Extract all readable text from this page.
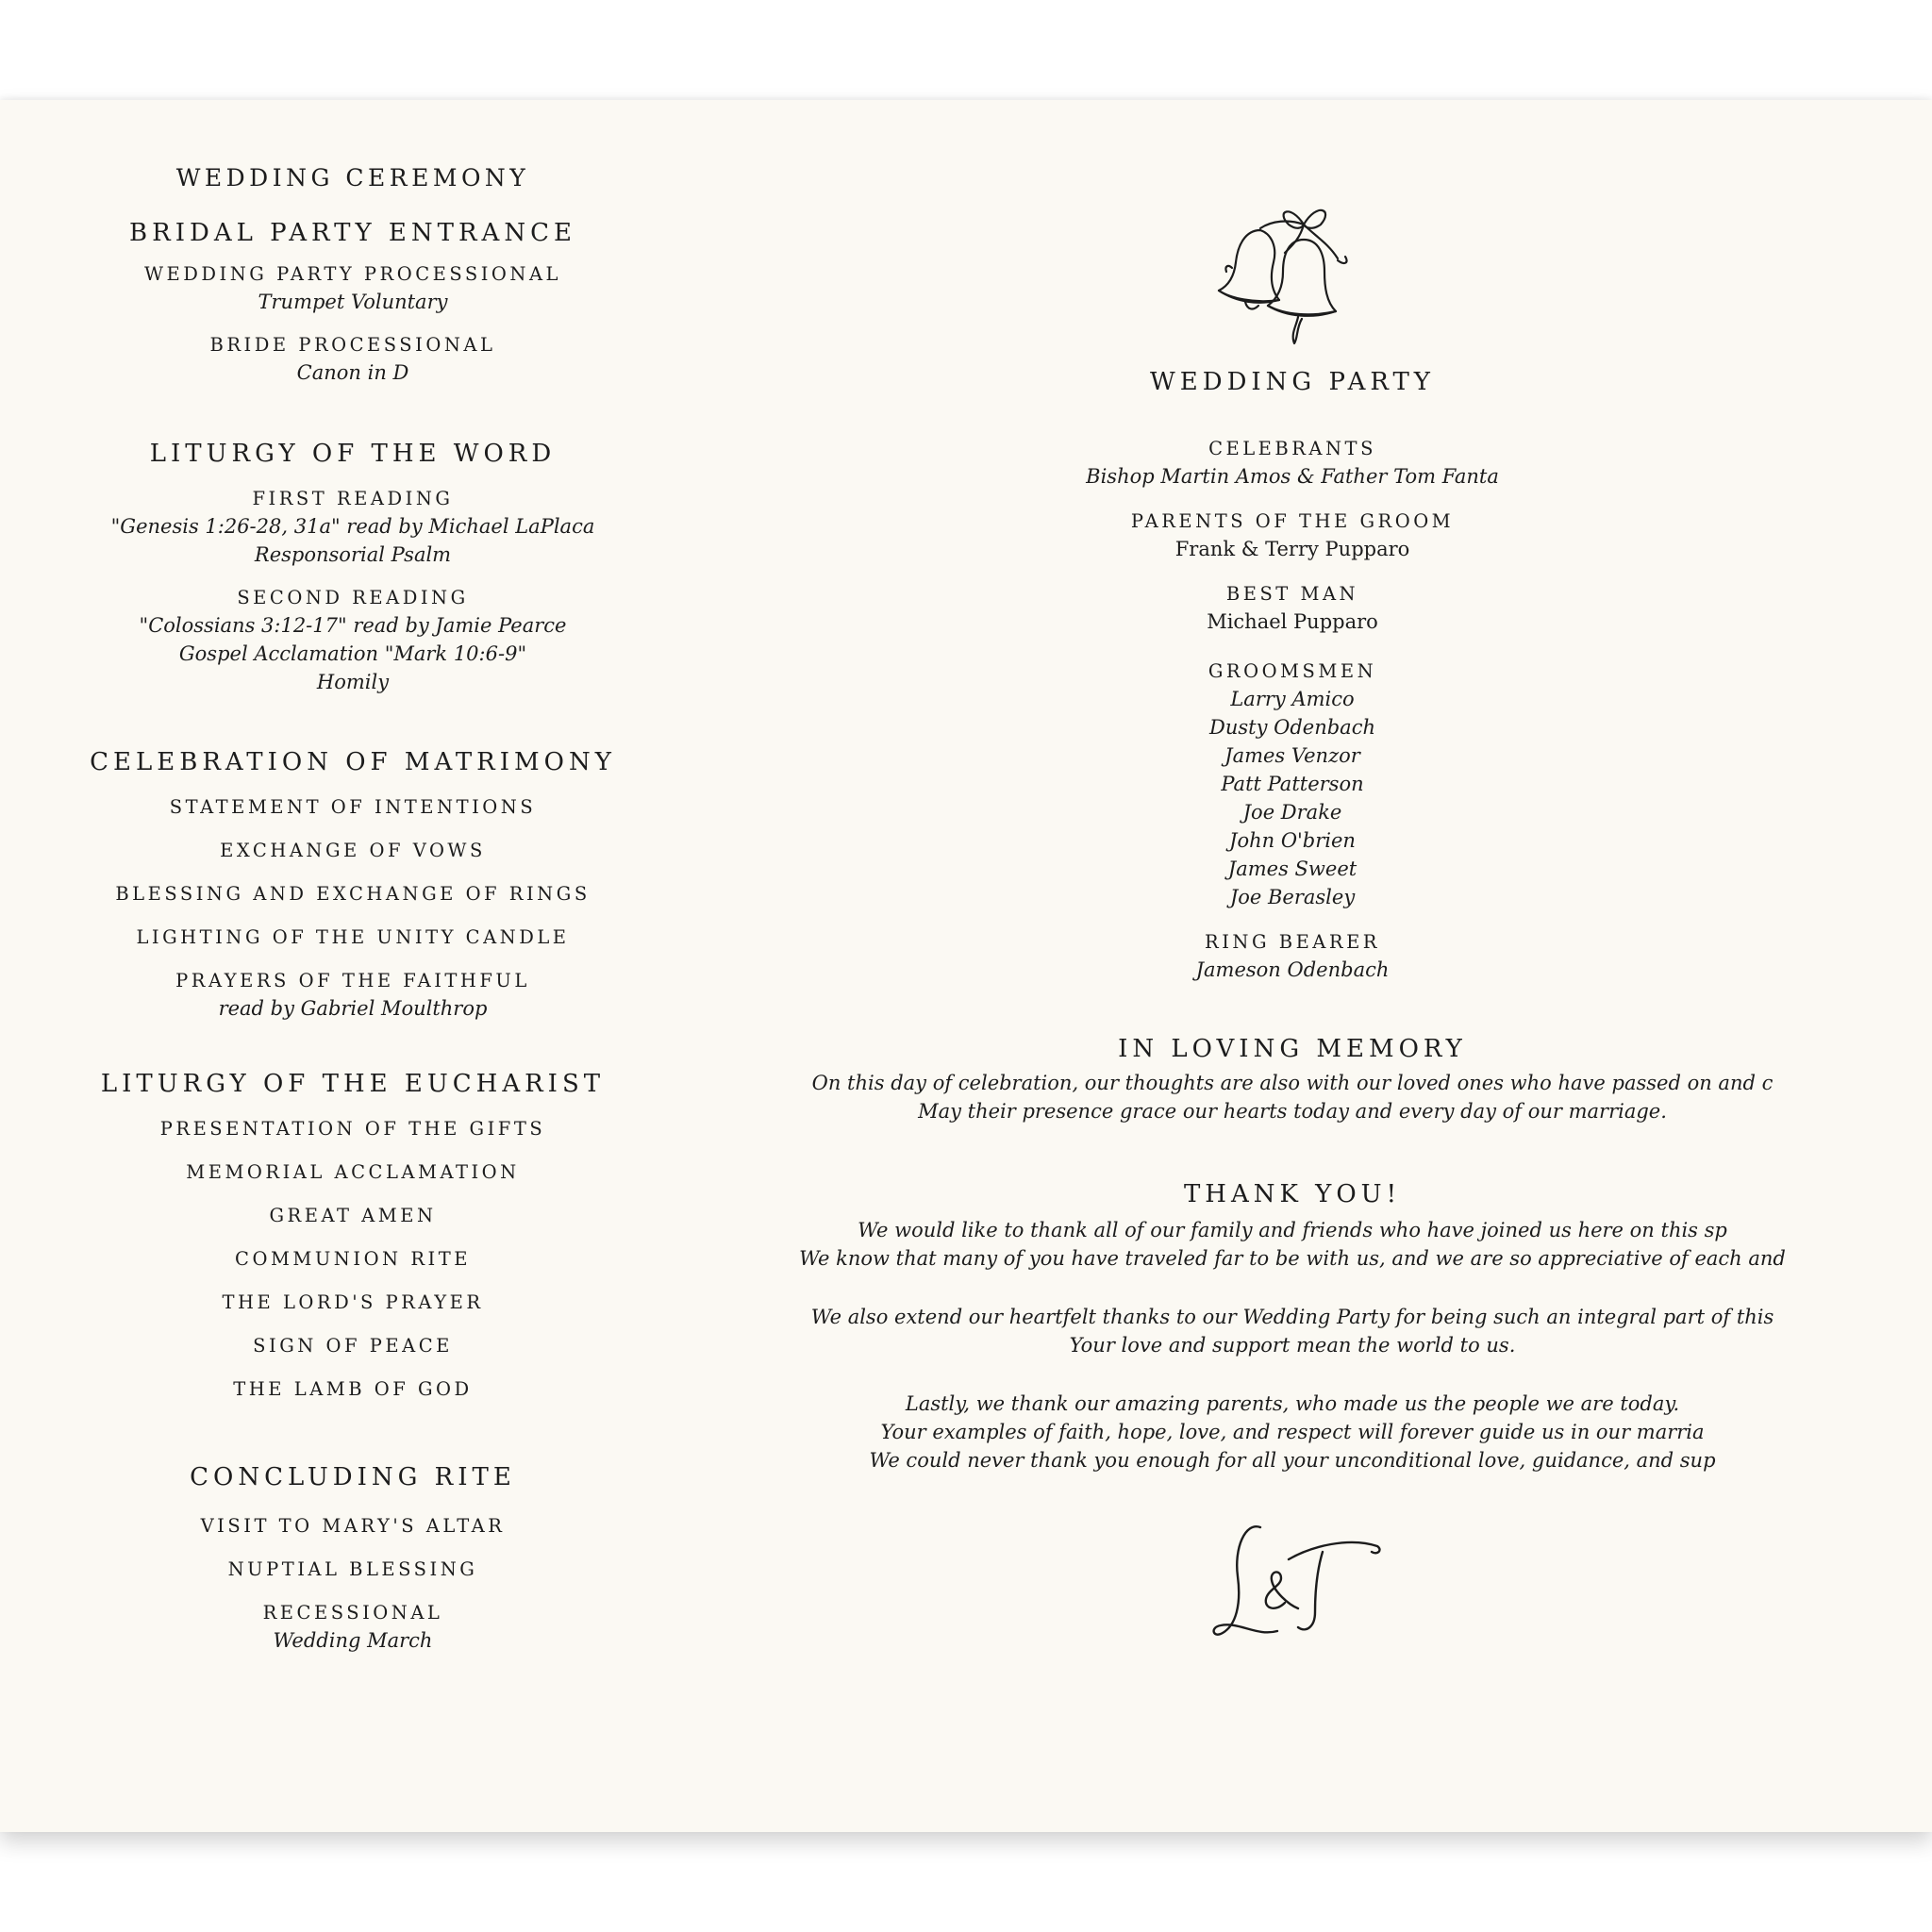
WEDDING CEREMONY
BRIDAL PARTY ENTRANCE
WEDDING PARTY PROCESSIONAL
Trumpet Voluntary
BRIDE PROCESSIONAL
Canon in D
LITURGY OF THE WORD
FIRST READING
"Genesis 1:26-28, 31a" read by Michael LaPlaca
Responsorial Psalm
SECOND READING
"Colossians 3:12-17" read by Jamie Pearce
Gospel Acclamation "Mark 10:6-9"
Homily
CELEBRATION OF MATRIMONY
STATEMENT OF INTENTIONS
EXCHANGE OF VOWS
BLESSING AND EXCHANGE OF RINGS
LIGHTING OF THE UNITY CANDLE
PRAYERS OF THE FAITHFUL
read by Gabriel Moulthrop
LITURGY OF THE EUCHARIST
PRESENTATION OF THE GIFTS
MEMORIAL ACCLAMATION
GREAT AMEN
COMMUNION RITE
THE LORD'S PRAYER
SIGN OF PEACE
THE LAMB OF GOD
CONCLUDING RITE
VISIT TO MARY'S ALTAR
NUPTIAL BLESSING
RECESSIONAL
Wedding March
WEDDING PARTY
CELEBRANTS
Bishop Martin Amos & Father Tom Fanta
PARENTS OF THE GROOM
Frank & Terry Pupparo
BEST MAN
Michael Pupparo
GROOMSMEN
Larry Amico
Dusty Odenbach
James Venzor
Patt Patterson
Joe Drake
John O'brien
James Sweet
Joe Berasley
RING BEARER
Jameson Odenbach
IN LOVING MEMORY
On this day of celebration, our thoughts are also with our loved ones who have passed on and c
May their presence grace our hearts today and every day of our marriage.
THANK YOU!
We would like to thank all of our family and friends who have joined us here on this sp
We know that many of you have traveled far to be with us, and we are so appreciative of each and
We also extend our heartfelt thanks to our Wedding Party for being such an integral part of this
Your love and support mean the world to us.
Lastly, we thank our amazing parents, who made us the people we are today.
Your examples of faith, hope, love, and respect will forever guide us in our marria
We could never thank you enough for all your unconditional love, guidance, and sup
